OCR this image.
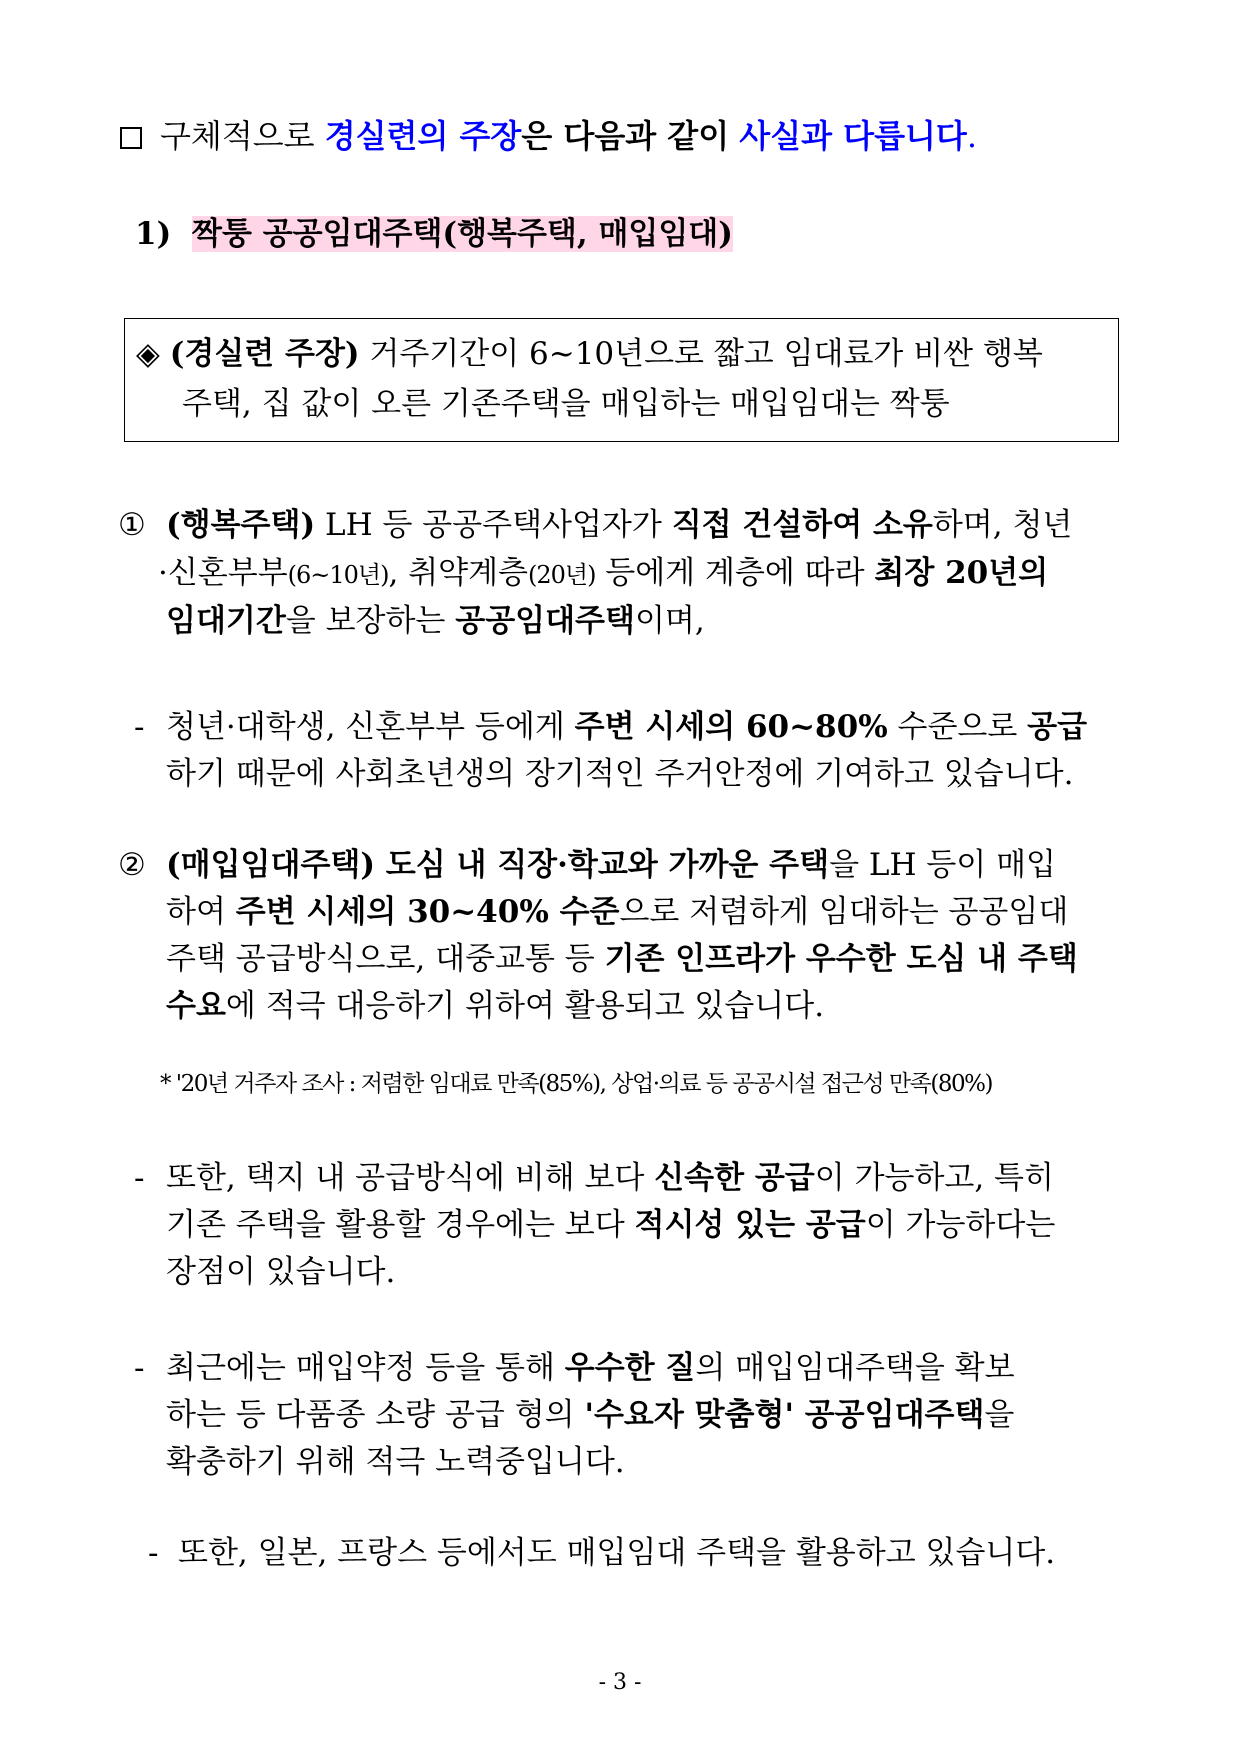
구체적으로 경실련의 주장은 다음과 같이 사실과 다릅니다.
1) 짝퉁 공공임대주택(행복주택, 매입임대)
◈ (경실련 주장) 거주기간이 6~10년으로 짧고 임대료가 비싼 행복
주택, 집 값이 오른 기존주택을 매입하는 매입임대는 짝퉁
① (행복주택) LH 등 공공주택사업자가 직접 건설하여 소유하며, 청년
·신혼부부(6~10년), 취약계층(20년) 등에게 계층에 따라 최장 20년의
임대기간을 보장하는 공공임대주택이며,
- 청년·대학생, 신혼부부 등에게 주변 시세의 60~80% 수준으로 공급
하기 때문에 사회초년생의 장기적인 주거안정에 기여하고 있습니다.
② (매입임대주택) 도심 내 직장·학교와 가까운 주택을 LH 등이 매입
하여 주변 시세의 30~40% 수준으로 저렴하게 임대하는 공공임대
주택 공급방식으로, 대중교통 등 기존 인프라가 우수한 도심 내 주택
수요에 적극 대응하기 위하여 활용되고 있습니다.
* '20년 거주자 조사 : 저렴한 임대료 만족(85%), 상업·의료 등 공공시설 접근성 만족(80%)
- 또한, 택지 내 공급방식에 비해 보다 신속한 공급이 가능하고, 특히
기존 주택을 활용할 경우에는 보다 적시성 있는 공급이 가능하다는
장점이 있습니다.
- 최근에는 매입약정 등을 통해 우수한 질의 매입임대주택을 확보
하는 등 다품종 소량 공급 형의 '수요자 맞춤형' 공공임대주택을
확충하기 위해 적극 노력중입니다.
- 또한, 일본, 프랑스 등에서도 매입임대 주택을 활용하고 있습니다.
- 3 -
